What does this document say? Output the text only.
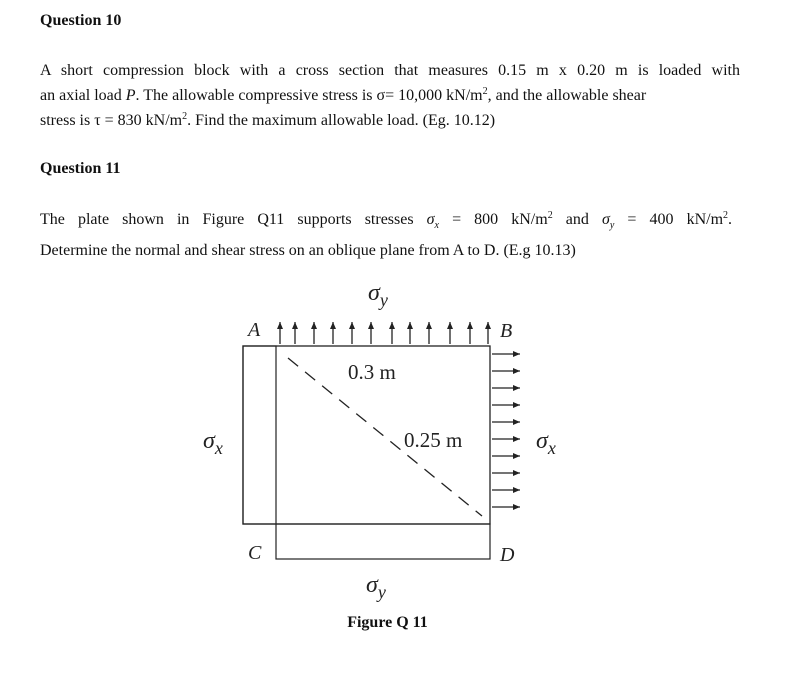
Question 10
A short compression block with a cross section that measures 0.15 m x 0.20 m is loaded with
an axial load P. The allowable compressive stress is σ= 10,000 $kN/m^2$, and the allowable shear
stress is τ = 830 $kN/m^2$. Find the maximum allowable load. (Eg. 10.12)
Question 11
The plate shown in Figure Q11 supports stresses $\sigma_x = 800$ $kN/m^2$ and $\sigma_y = 400$ $kN/m^2$.
Determine the normal and shear stress on an oblique plane from A to D. (E.g 10.13)
A	B
C	D
0.3 m
0.25 m
$\sigma_y$
$\sigma_y$
$\sigma_x$	$\sigma_x$
Figure Q 11
